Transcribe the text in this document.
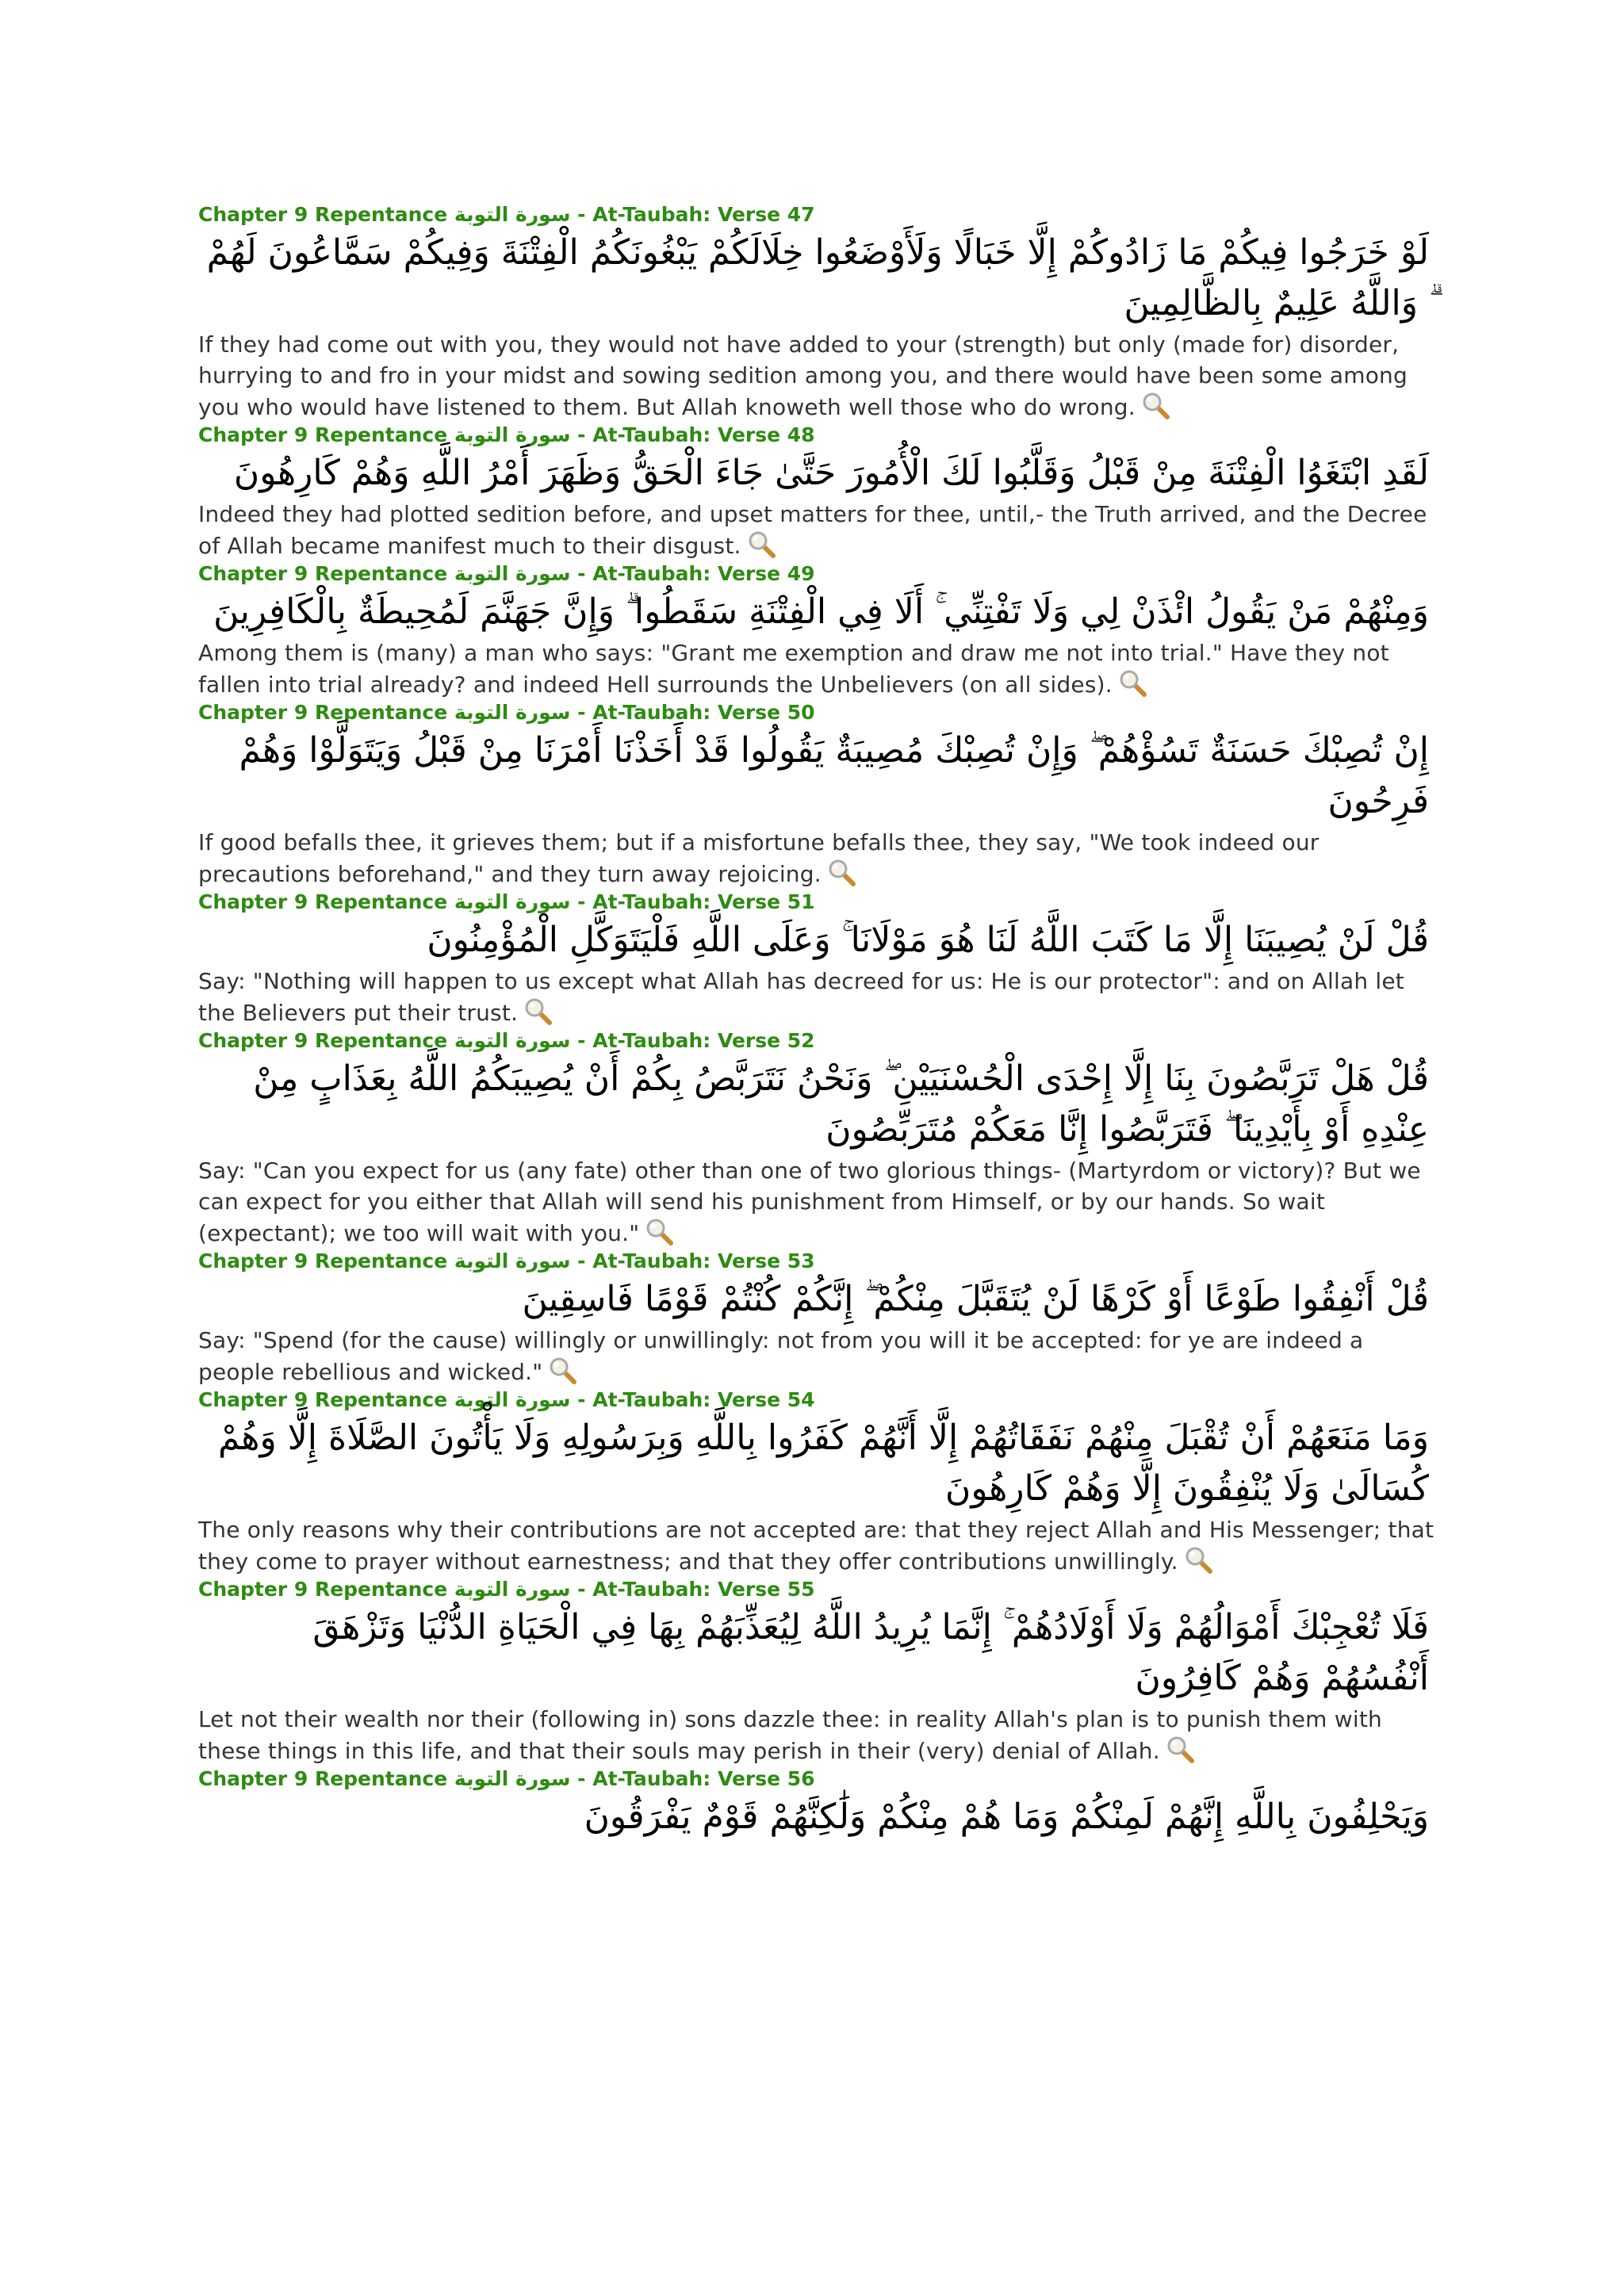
Chapter 9 Repentance سورة التوبة - At-Taubah: Verse 47
لَوْ خَرَجُوا فِيكُمْ مَا زَادُوكُمْ إِلَّا خَبَالًا وَلَأَوْضَعُوا خِلَالَكُمْ يَبْغُونَكُمُ الْفِتْنَةَ وَفِيكُمْ سَمَّاعُونَ لَهُمْ ۗ وَاللَّهُ عَلِيمٌ بِالظَّالِمِينَ
If they had come out with you, they would not have added to your (strength) but only (made for) disorder, hurrying to and fro in your midst and sowing sedition among you, and there would have been some among you who would have listened to them. But Allah knoweth well those who do wrong.
Chapter 9 Repentance سورة التوبة - At-Taubah: Verse 48
لَقَدِ ابْتَغَوُا الْفِتْنَةَ مِنْ قَبْلُ وَقَلَّبُوا لَكَ الْأُمُورَ حَتَّىٰ جَاءَ الْحَقُّ وَظَهَرَ أَمْرُ اللَّهِ وَهُمْ كَارِهُونَ
Indeed they had plotted sedition before, and upset matters for thee, until,- the Truth arrived, and the Decree of Allah became manifest much to their disgust.
Chapter 9 Repentance سورة التوبة - At-Taubah: Verse 49
وَمِنْهُمْ مَنْ يَقُولُ ائْذَنْ لِي وَلَا تَفْتِنِّي ۚ أَلَا فِي الْفِتْنَةِ سَقَطُوا ۗ وَإِنَّ جَهَنَّمَ لَمُحِيطَةٌ بِالْكَافِرِينَ
Among them is (many) a man who says: "Grant me exemption and draw me not into trial." Have they not fallen into trial already? and indeed Hell surrounds the Unbelievers (on all sides).
Chapter 9 Repentance سورة التوبة - At-Taubah: Verse 50
إِنْ تُصِبْكَ حَسَنَةٌ تَسُؤْهُمْ ۖ وَإِنْ تُصِبْكَ مُصِيبَةٌ يَقُولُوا قَدْ أَخَذْنَا أَمْرَنَا مِنْ قَبْلُ وَيَتَوَلَّوْا وَهُمْ فَرِحُونَ
If good befalls thee, it grieves them; but if a misfortune befalls thee, they say, "We took indeed our precautions beforehand," and they turn away rejoicing.
Chapter 9 Repentance سورة التوبة - At-Taubah: Verse 51
قُلْ لَنْ يُصِيبَنَا إِلَّا مَا كَتَبَ اللَّهُ لَنَا هُوَ مَوْلَانَا ۚ وَعَلَى اللَّهِ فَلْيَتَوَكَّلِ الْمُؤْمِنُونَ
Say: "Nothing will happen to us except what Allah has decreed for us: He is our protector": and on Allah let the Believers put their trust.
Chapter 9 Repentance سورة التوبة - At-Taubah: Verse 52
قُلْ هَلْ تَرَبَّصُونَ بِنَا إِلَّا إِحْدَى الْحُسْنَيَيْنِ ۖ وَنَحْنُ نَتَرَبَّصُ بِكُمْ أَنْ يُصِيبَكُمُ اللَّهُ بِعَذَابٍ مِنْ عِنْدِهِ أَوْ بِأَيْدِينَا ۖ فَتَرَبَّصُوا إِنَّا مَعَكُمْ مُتَرَبِّصُونَ
Say: "Can you expect for us (any fate) other than one of two glorious things- (Martyrdom or victory)? But we can expect for you either that Allah will send his punishment from Himself, or by our hands. So wait (expectant); we too will wait with you."
Chapter 9 Repentance سورة التوبة - At-Taubah: Verse 53
قُلْ أَنْفِقُوا طَوْعًا أَوْ كَرْهًا لَنْ يُتَقَبَّلَ مِنْكُمْ ۖ إِنَّكُمْ كُنْتُمْ قَوْمًا فَاسِقِينَ
Say: "Spend (for the cause) willingly or unwillingly: not from you will it be accepted: for ye are indeed a people rebellious and wicked."
Chapter 9 Repentance سورة التوبة - At-Taubah: Verse 54
وَمَا مَنَعَهُمْ أَنْ تُقْبَلَ مِنْهُمْ نَفَقَاتُهُمْ إِلَّا أَنَّهُمْ كَفَرُوا بِاللَّهِ وَبِرَسُولِهِ وَلَا يَأْتُونَ الصَّلَاةَ إِلَّا وَهُمْ كُسَالَىٰ وَلَا يُنْفِقُونَ إِلَّا وَهُمْ كَارِهُونَ
The only reasons why their contributions are not accepted are: that they reject Allah and His Messenger; that they come to prayer without earnestness; and that they offer contributions unwillingly.
Chapter 9 Repentance سورة التوبة - At-Taubah: Verse 55
فَلَا تُعْجِبْكَ أَمْوَالُهُمْ وَلَا أَوْلَادُهُمْ ۚ إِنَّمَا يُرِيدُ اللَّهُ لِيُعَذِّبَهُمْ بِهَا فِي الْحَيَاةِ الدُّنْيَا وَتَزْهَقَ أَنْفُسُهُمْ وَهُمْ كَافِرُونَ
Let not their wealth nor their (following in) sons dazzle thee: in reality Allah's plan is to punish them with these things in this life, and that their souls may perish in their (very) denial of Allah.
Chapter 9 Repentance سورة التوبة - At-Taubah: Verse 56
وَيَحْلِفُونَ بِاللَّهِ إِنَّهُمْ لَمِنْكُمْ وَمَا هُمْ مِنْكُمْ وَلَٰكِنَّهُمْ قَوْمٌ يَفْرَقُونَ
